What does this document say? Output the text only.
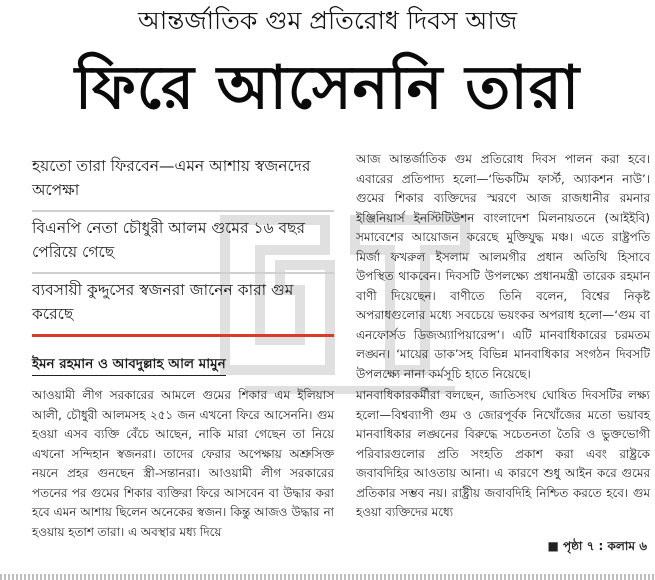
আন্তর্জাতিক গুম প্রতিরোধ দিবস আজ
ফিরে আসেননি তারা
হয়তো তারা ফিরবেন—এমন আশায় স্বজনদের অপেক্ষা
বিএনপি নেতা চৌধুরী আলম গুমের ১৬ বছর পেরিয়ে গেছে
ব্যবসায়ী কুদ্দুসের স্বজনরা জানেন কারা গুম করেছে
ইমন রহমান ও আবদুল্লাহ আল মামুন

আওয়ামী লীগ সরকারের আমলে গুমের শিকার এম ইলিয়াস আলী, চৌধুরী আলমসহ ২৫১ জন এখনো ফিরে আসেননি। গুম হওয়া এসব ব্যক্তি বেঁচে আছেন, নাকি মারা গেছেন তা নিয়ে এখনো সন্দিহান স্বজনরা। তাদের ফেরার অপেক্ষায় অশ্রুসিক্ত নয়নে প্রহর গুনছেন স্ত্রী-সন্তানরা। আওয়ামী লীগ সরকারের পতনের পর গুমের শিকার ব্যক্তিরা ফিরে আসবেন বা উদ্ধার করা হবে এমন আশায় ছিলেন অনেকের স্বজন। কিন্তু আজও উদ্ধার না হওয়ায় হতাশ তারা। এ অবস্থার মধ্য দিয়ে

আজ আন্তর্জাতিক গুম প্রতিরোধ দিবস পালন করা হবে। এবারের প্রতিপাদ্য হলো—‘ভিকটিম ফার্স্ট, অ্যাকশন নাউ’। গুমের শিকার ব্যক্তিদের স্মরণে আজ রাজধানীর রমনার ইঞ্জিনিয়ার্স ইনস্টিটিউশন বাংলাদেশ মিলনায়তনে (আইইবি) সমাবেশের আয়োজন করেছে মুক্তিযুদ্ধ মঞ্চ। এতে রাষ্ট্রপতি মির্জা ফখরুল ইসলাম আলমগীর প্রধান অতিথি হিসাবে উপস্থিত থাকবেন। দিবসটি উপলক্ষ্যে প্রধানমন্ত্রী তারেক রহমান বাণী দিয়েছেন। বাণীতে তিনি বলেন, বিশ্বের নিকৃষ্ট অপরাধগুলোর মধ্যে সবচেয়ে ভয়ংকর অপরাধ হলো—‘গুম বা এনফোর্সড ডিজঅ্যাপিয়ারেন্স’। এটি মানবাধিকারের চরমতম লঙ্ঘন। ‘মায়ের ডাক’সহ বিভিন্ন মানবাধিকার সংগঠন দিবসটি উপলক্ষ্যে নানা কর্মসূচি হাতে নিয়েছে।

মানবাধিকারকর্মীরা বলছেন, জাতিসংঘ ঘোষিত দিবসটির লক্ষ্য হলো—বিশ্বব্যাপী গুম ও জোরপূর্বক নিখোঁজের মতো ভয়াবহ মানবাধিকার লঙ্ঘনের বিরুদ্ধে সচেতনতা তৈরি ও ভুক্তভোগী পরিবারগুলোর প্রতি সংহতি প্রকাশ করা এবং রাষ্ট্রকে জবাবদিহির আওতায় আনা। এ কারণে শুধু আইন করে গুমের প্রতিকার সম্ভব নয়। রাষ্ট্রীয় জবাবদিহি নিশ্চিত করতে হবে। গুম হওয়া ব্যক্তিদের মধ্যে

■ পৃষ্ঠা ৭ : কলাম ৬
